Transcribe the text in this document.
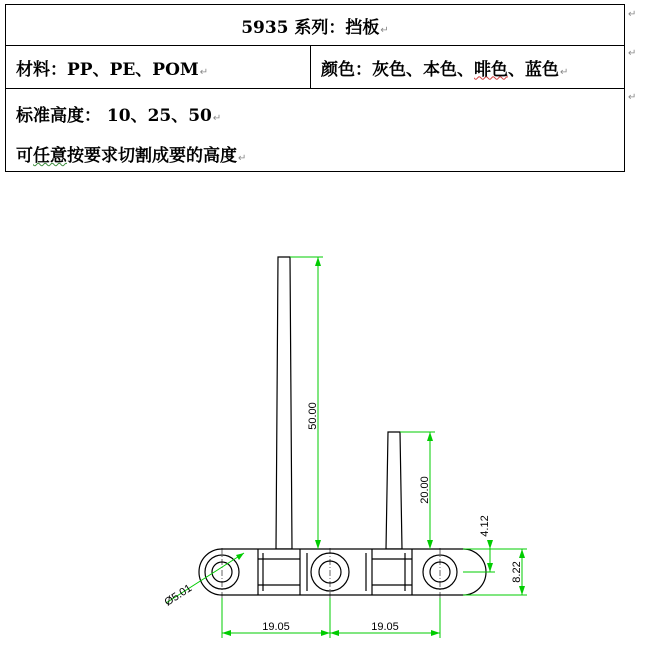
5935 系列：挡板↵
材料：PP、PE、POM↵	颜色：灰色、本色、啡色、蓝色↵
标准高度： 10、25、50↵
可任意按要求切割成要的高度↵
↵
↵
↵
50.00
20.00
4.12
8.22
Ø5.01
19.05	19.05
